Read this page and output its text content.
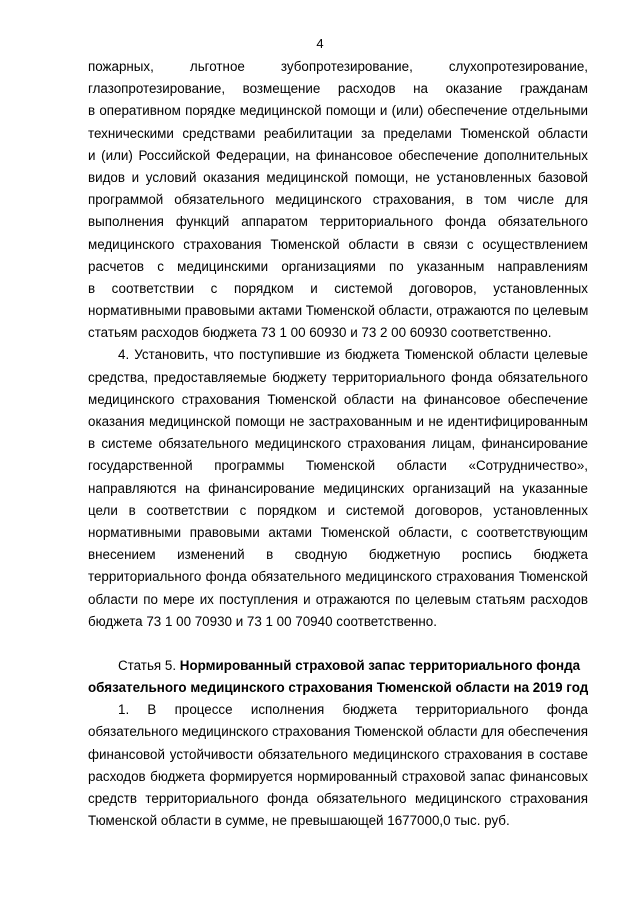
4
пожарных, льготное зубопротезирование, слухопротезирование,
глазопротезирование, возмещение расходов на оказание гражданам
в оперативном порядке медицинской помощи и (или) обеспечение отдельными
техническими средствами реабилитации за пределами Тюменской области
и (или) Российской Федерации, на финансовое обеспечение дополнительных
видов и условий оказания медицинской помощи, не установленных базовой
программой обязательного медицинского страхования, в том числе для
выполнения функций аппаратом территориального фонда обязательного
медицинского страхования Тюменской области в связи с осуществлением
расчетов с медицинскими организациями по указанным направлениям
в соответствии с порядком и системой договоров, установленных
нормативными правовыми актами Тюменской области, отражаются по целевым
статьям расходов бюджета 73 1 00 60930 и 73 2 00 60930 соответственно.
4. Установить, что поступившие из бюджета Тюменской области целевые
средства, предоставляемые бюджету территориального фонда обязательного
медицинского страхования Тюменской области на финансовое обеспечение
оказания медицинской помощи не застрахованным и не идентифицированным
в системе обязательного медицинского страхования лицам, финансирование
государственной программы Тюменской области «Сотрудничество»,
направляются на финансирование медицинских организаций на указанные
цели в соответствии с порядком и системой договоров, установленных
нормативными правовыми актами Тюменской области, с соответствующим
внесением изменений в сводную бюджетную роспись бюджета
территориального фонда обязательного медицинского страхования Тюменской
области по мере их поступления и отражаются по целевым статьям расходов
бюджета 73 1 00 70930 и 73 1 00 70940 соответственно.
Статья 5. Нормированный страховой запас территориального фонда
обязательного медицинского страхования Тюменской области на 2019 год
1. В процессе исполнения бюджета территориального фонда
обязательного медицинского страхования Тюменской области для обеспечения
финансовой устойчивости обязательного медицинского страхования в составе
расходов бюджета формируется нормированный страховой запас финансовых
средств территориального фонда обязательного медицинского страхования
Тюменской области в сумме, не превышающей 1677000,0 тыс. руб.
